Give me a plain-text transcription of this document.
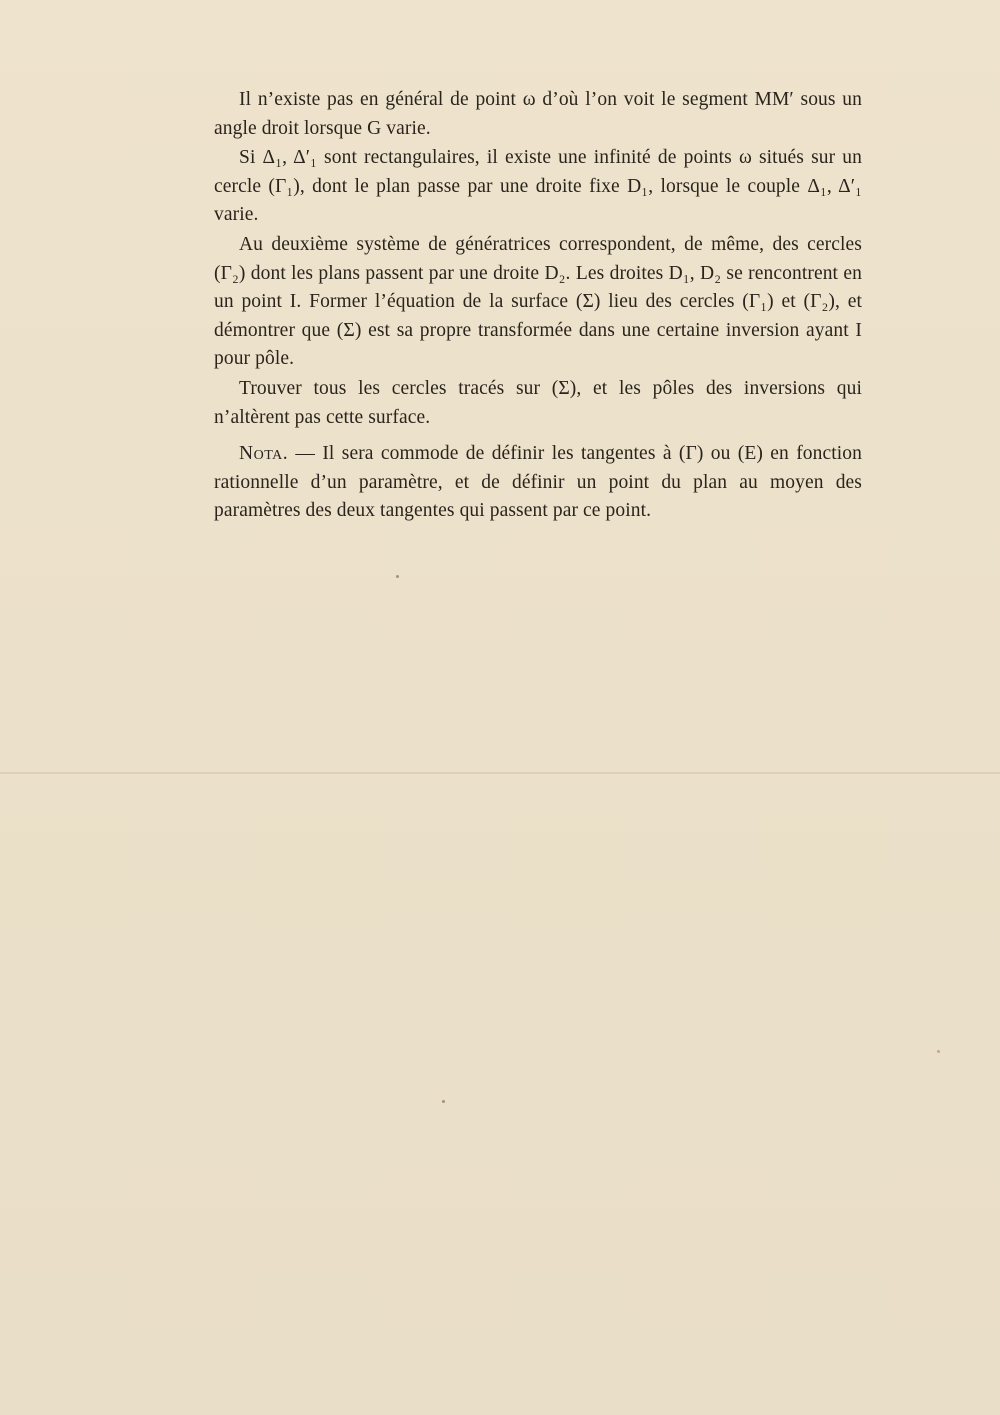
Il n’existe pas en général de point ω d’où l’on voit le segment MM′ sous un angle droit lorsque G varie.

Si Δ₁, Δ′₁ sont rectangulaires, il existe une infinité de points ω situés sur un cercle (Γ₁), dont le plan passe par une droite fixe D₁, lorsque le couple Δ₁, Δ′₁ varie.

Au deuxième système de génératrices correspondent, de même, des cercles (Γ₂) dont les plans passent par une droite D₂. Les droites D₁, D₂ se rencontrent en un point I. Former l’équation de la surface (Σ) lieu des cercles (Γ₁) et (Γ₂), et démontrer que (Σ) est sa propre transformée dans une certaine inversion ayant I pour pôle.

Trouver tous les cercles tracés sur (Σ), et les pôles des inversions qui n’altèrent pas cette surface.

Nota. — Il sera commode de définir les tangentes à (Γ) ou (E) en fonction rationnelle d’un paramètre, et de définir un point du plan au moyen des paramètres des deux tangentes qui passent par ce point.
